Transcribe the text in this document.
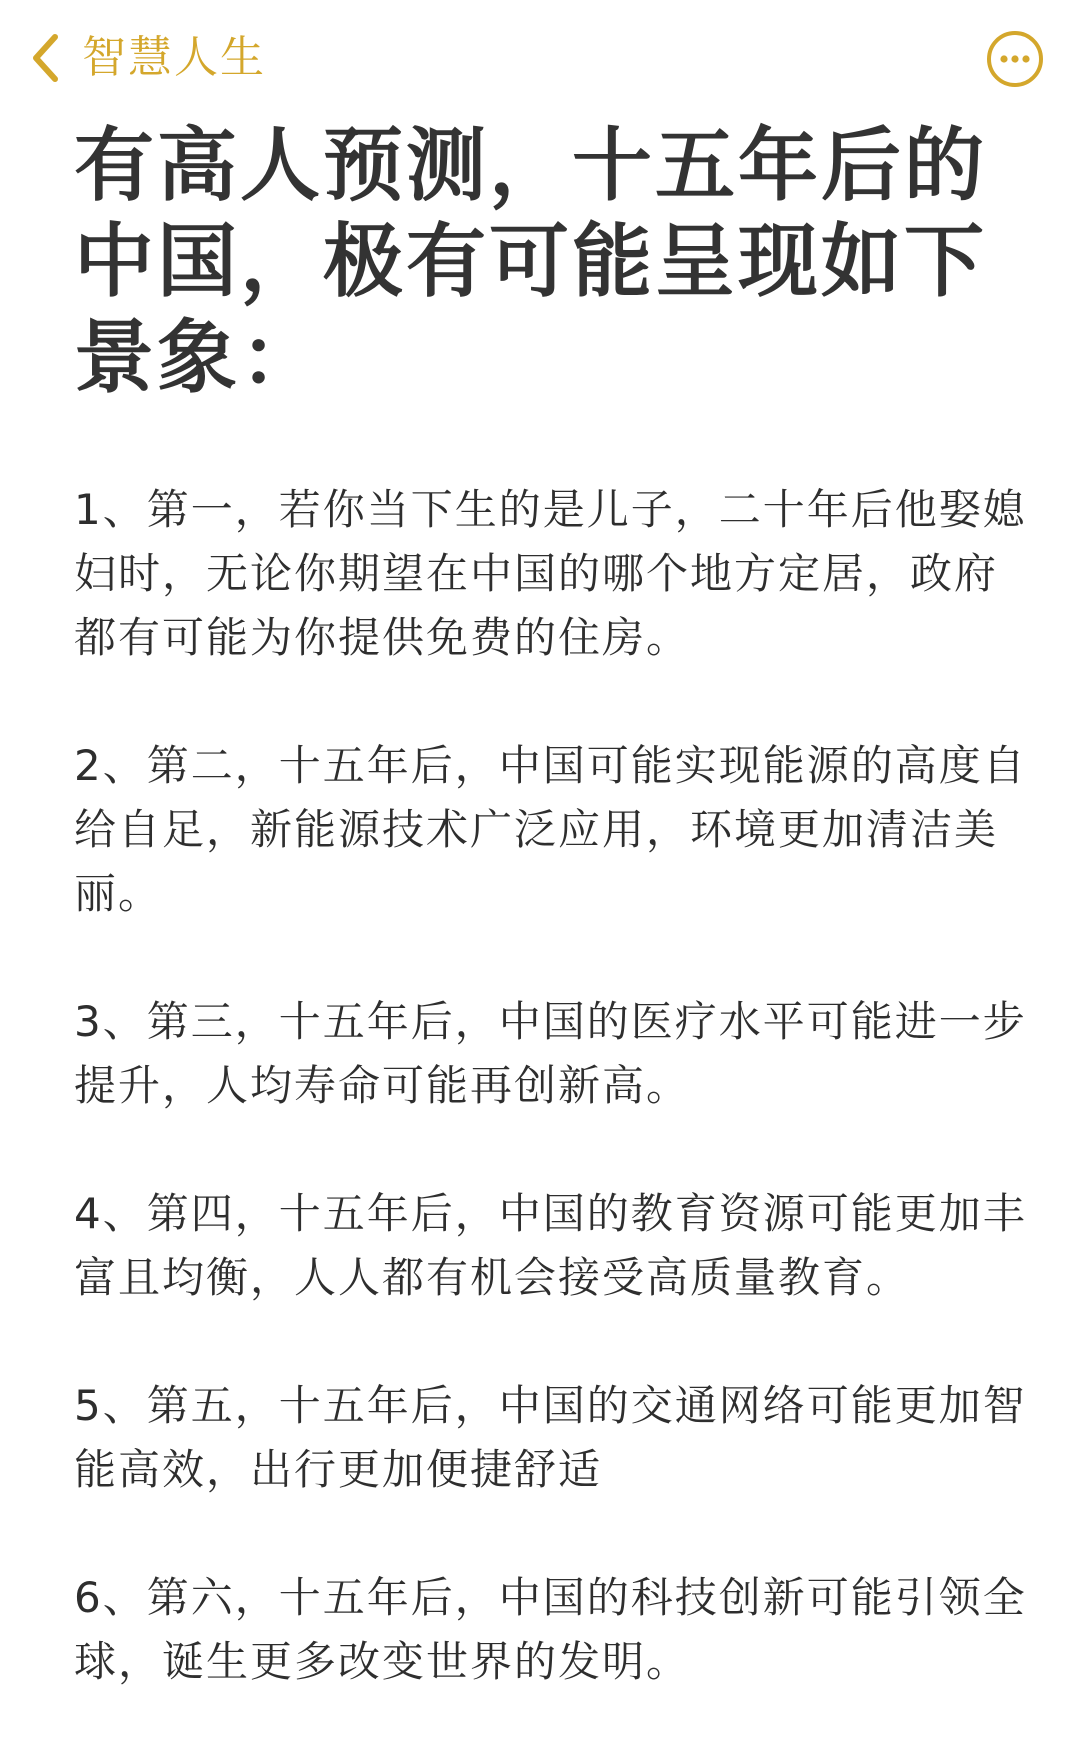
智慧人生
有高人预测，十五年后的中国，极有可能呈现如下景象：

1、第一，若你当下生的是儿子，二十年后他娶媳妇时，无论你期望在中国的哪个地方定居，政府都有可能为你提供免费的住房。

2、第二，十五年后，中国可能实现能源的高度自给自足，新能源技术广泛应用，环境更加清洁美丽。

3、第三，十五年后，中国的医疗水平可能进一步提升，人均寿命可能再创新高。

4、第四，十五年后，中国的教育资源可能更加丰富且均衡，人人都有机会接受高质量教育。

5、第五，十五年后，中国的交通网络可能更加智能高效，出行更加便捷舒适

6、第六，十五年后，中国的科技创新可能引领全球，诞生更多改变世界的发明。
